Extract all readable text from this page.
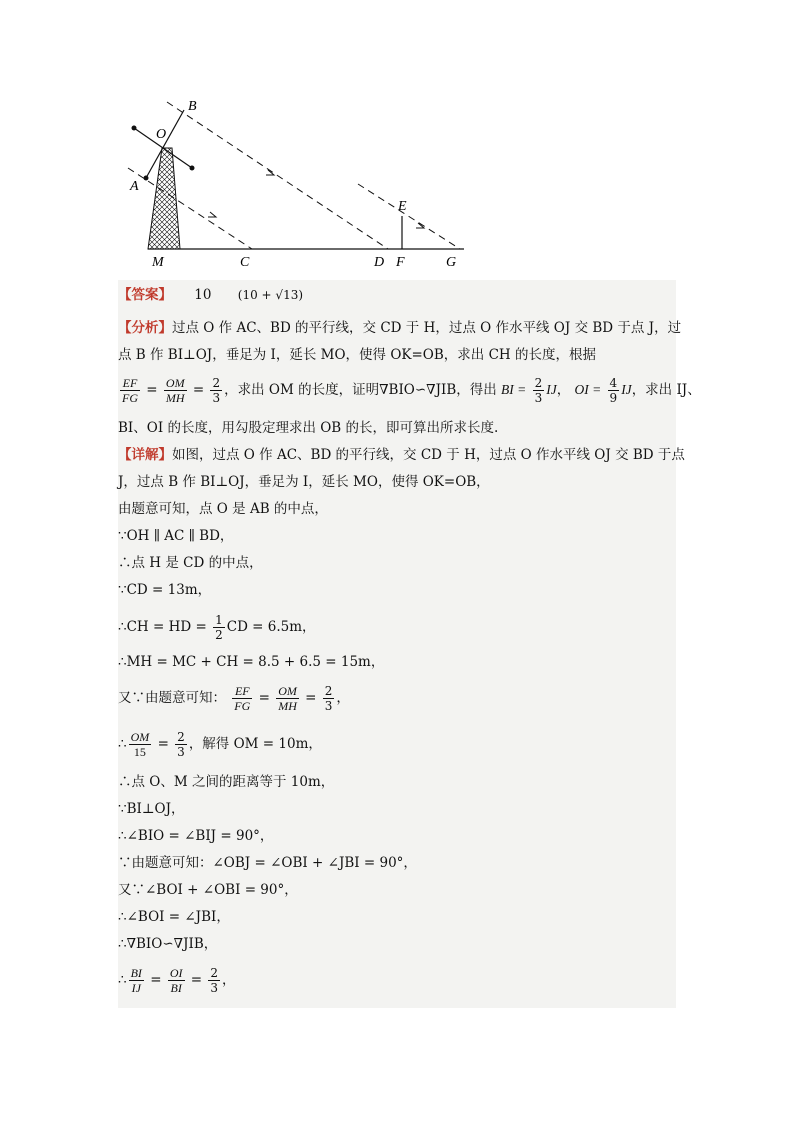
B
O
A
M	C	D F	G
E
【答案】 10 (10 + √13)
【分析】过点 O 作 AC、BD 的平行线，交 CD 于 H，过点 O 作水平线 OJ 交 BD 于点 J，过
点 B 作 BI⊥OJ，垂足为 I，延长 MO，使得 OK=OB，求出 CH 的长度，根据
$\frac{EF}{FG} = \frac{OM}{MH} = \frac{2}{3}$ ，求出 OM 的长度，证明∇BIO∽∇JIB，得出 BI = $\frac{2}{3}$ IJ， OI = $\frac{4}{9}$ IJ，求出 IJ、
BI、OI 的长度，用勾股定理求出 OB 的长，即可算出所求长度.
【详解】如图，过点 O 作 AC、BD 的平行线，交 CD 于 H，过点 O 作水平线 OJ 交 BD 于点
J，过点 B 作 BI⊥OJ，垂足为 I，延长 MO，使得 OK=OB，
由题意可知，点 O 是 AB 的中点，
∵OH ∥ AC ∥ BD，
∴点 H 是 CD 的中点，
∵CD = 13m，
∴CH = HD = $\frac{1}{2}$ CD = 6.5m，
∴MH = MC + CH = 8.5 + 6.5 = 15m，
又∵由题意可知： $\frac{EF}{FG} = \frac{OM}{MH} = \frac{2}{3}$ ，
∴ $\frac{OM}{15} = \frac{2}{3}$ ，解得 OM = 10m，
∴点 O、M 之间的距离等于 10m，
∵BI⊥OJ，
∴∠BIO = ∠BIJ = 90°，
∵由题意可知：∠OBJ = ∠OBI + ∠JBI = 90°，
又∵∠BOI + ∠OBI = 90°，
∴∠BOI = ∠JBI，
∴∇BIO∽∇JIB，
∴ $\frac{BI}{IJ} = \frac{OI}{BI} = \frac{2}{3}$ ，
